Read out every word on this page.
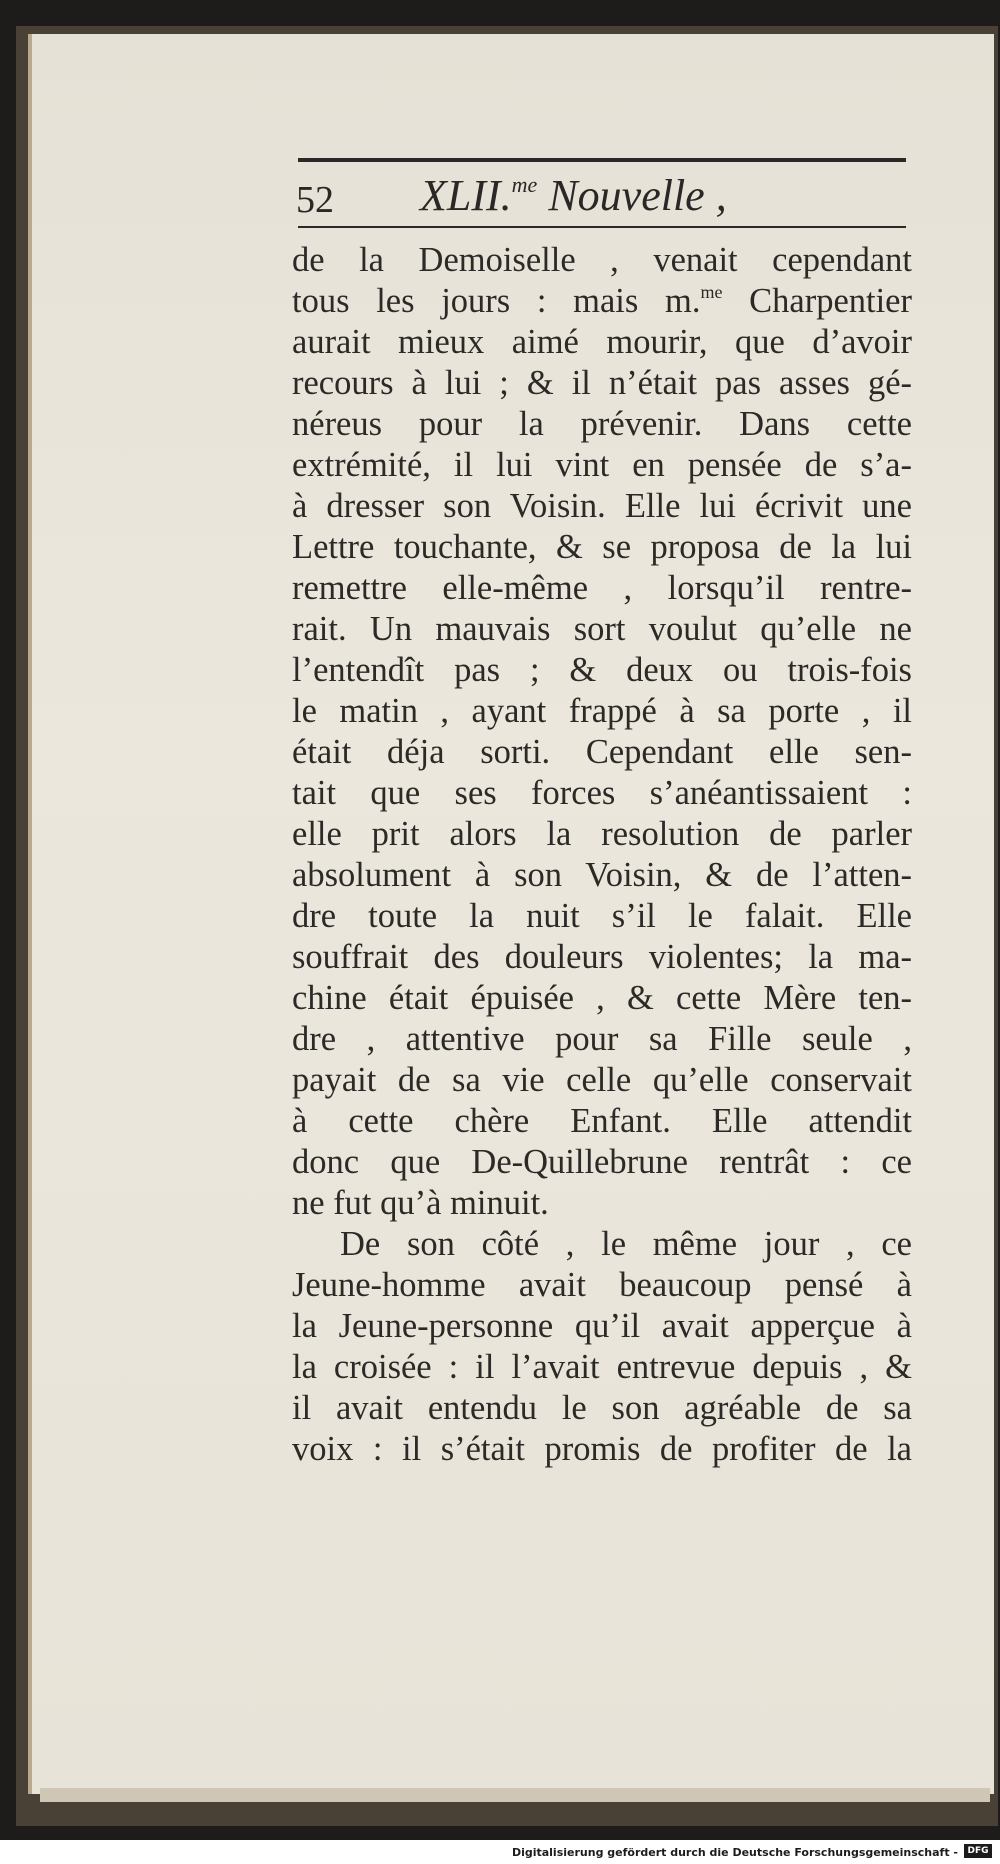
52 XLII.$^{me}$ Nouvelle ,
de la Demoiselle , venait cependant
tous les jours : mais m.$^{me}$ Charpentier
aurait mieux aimé mourir, que d’avoir
recours à lui ; & il n’était pas asses gé-
néreus pour la prévenir. Dans cette
extrémité, il lui vint en pensée de s’a-
à dresser son Voisin. Elle lui écrivit une
Lettre touchante, & se proposa de la lui
remettre elle-même , lorsqu’il rentre-
rait. Un mauvais sort voulut qu’elle ne
l’entendît pas ; & deux ou trois-fois
le matin , ayant frappé à sa porte , il
était déja sorti. Cependant elle sen-
tait que ses forces s’anéantissaient :
elle prit alors la resolution de parler
absolument à son Voisin, & de l’atten-
dre toute la nuit s’il le falait. Elle
souffrait des douleurs violentes; la ma-
chine était épuisée , & cette Mère ten-
dre , attentive pour sa Fille seule ,
payait de sa vie celle qu’elle conservait
à cette chère Enfant. Elle attendit
donc que De-Quillebrune rentrât : ce
ne fut qu’à minuit.
De son côté , le même jour , ce
Jeune-homme avait beaucoup pensé à
la Jeune-personne qu’il avait apperçue à
la croisée : il l’avait entrevue depuis , &
il avait entendu le son agréable de sa
voix : il s’était promis de profiter de la
Digitalisierung gefördert durch die Deutsche Forschungsgemeinschaft -	DFG
